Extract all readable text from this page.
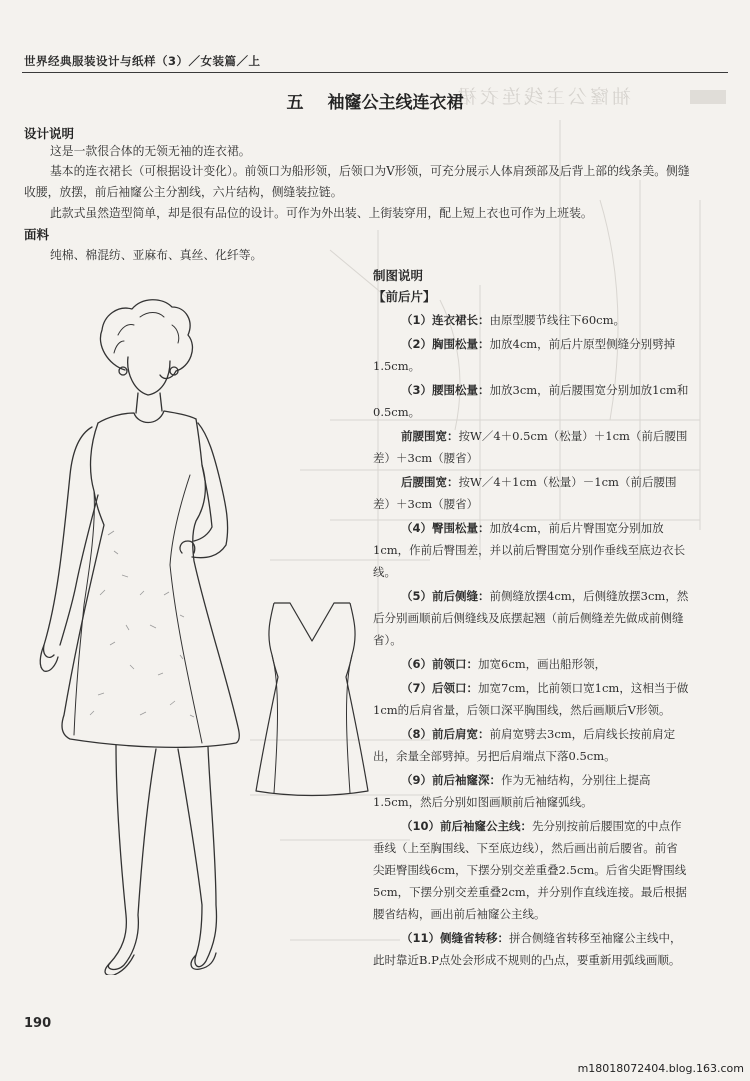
世界经典服装设计与纸样（3）／女装篇／上
袖窿公主线连衣裙
五 袖窿公主线连衣裙
设计说明

这是一款很合体的无领无袖的连衣裙。

基本的连衣裙长（可根据设计变化）。前领口为船形领，后领口为V形领，可充分展示人体肩颈部及后背上部的线条美。侧缝收腰，放摆，前后袖窿公主分割线，六片结构，侧缝装拉链。

此款式虽然造型简单，却是很有品位的设计。可作为外出装、上街装穿用，配上短上衣也可作为上班装。

面料

纯棉、棉混纺、亚麻布、真丝、化纤等。

制图说明

【前后片】

（1）连衣裙长：由原型腰节线往下60cm。

（2）胸围松量：加放4cm，前后片原型侧缝分别劈掉1.5cm。

（3）腰围松量：加放3cm，前后腰围宽分别加放1cm和0.5cm。

前腰围宽：按W／4＋0.5cm（松量）＋1cm（前后腰围差）＋3cm（腰省）

后腰围宽：按W／4＋1cm（松量）－1cm（前后腰围差）＋3cm（腰省）

（4）臀围松量：加放4cm，前后片臀围宽分别加放1cm，作前后臀围差，并以前后臀围宽分别作垂线至底边衣长线。

（5）前后侧缝：前侧缝放摆4cm，后侧缝放摆3cm，然后分别画顺前后侧缝线及底摆起翘（前后侧缝差先做成前侧缝省）。

（6）前领口：加宽6cm，画出船形领，

（7）后领口：加宽7cm，比前领口宽1cm，这相当于做1cm的后肩省量，后领口深平胸围线，然后画顺后V形领。

（8）前后肩宽：前肩宽劈去3cm，后肩线长按前肩定出，余量全部劈掉。另把后肩端点下落0.5cm。

（9）前后袖窿深：作为无袖结构，分别往上提高1.5cm，然后分别如图画顺前后袖窿弧线。

（10）前后袖窿公主线：先分别按前后腰围宽的中点作垂线（上至胸围线、下至底边线），然后画出前后腰省。前省尖距臀围线6cm，下摆分别交差重叠2.5cm。后省尖距臀围线5cm，下摆分别交差重叠2cm，并分别作直线连接。最后根据腰省结构，画出前后袖窿公主线。

（11）侧缝省转移：拼合侧缝省转移至袖窿公主线中，此时靠近B.P点处会形成不规则的凸点，要重新用弧线画顺。

190
m18018072404.blog.163.com
